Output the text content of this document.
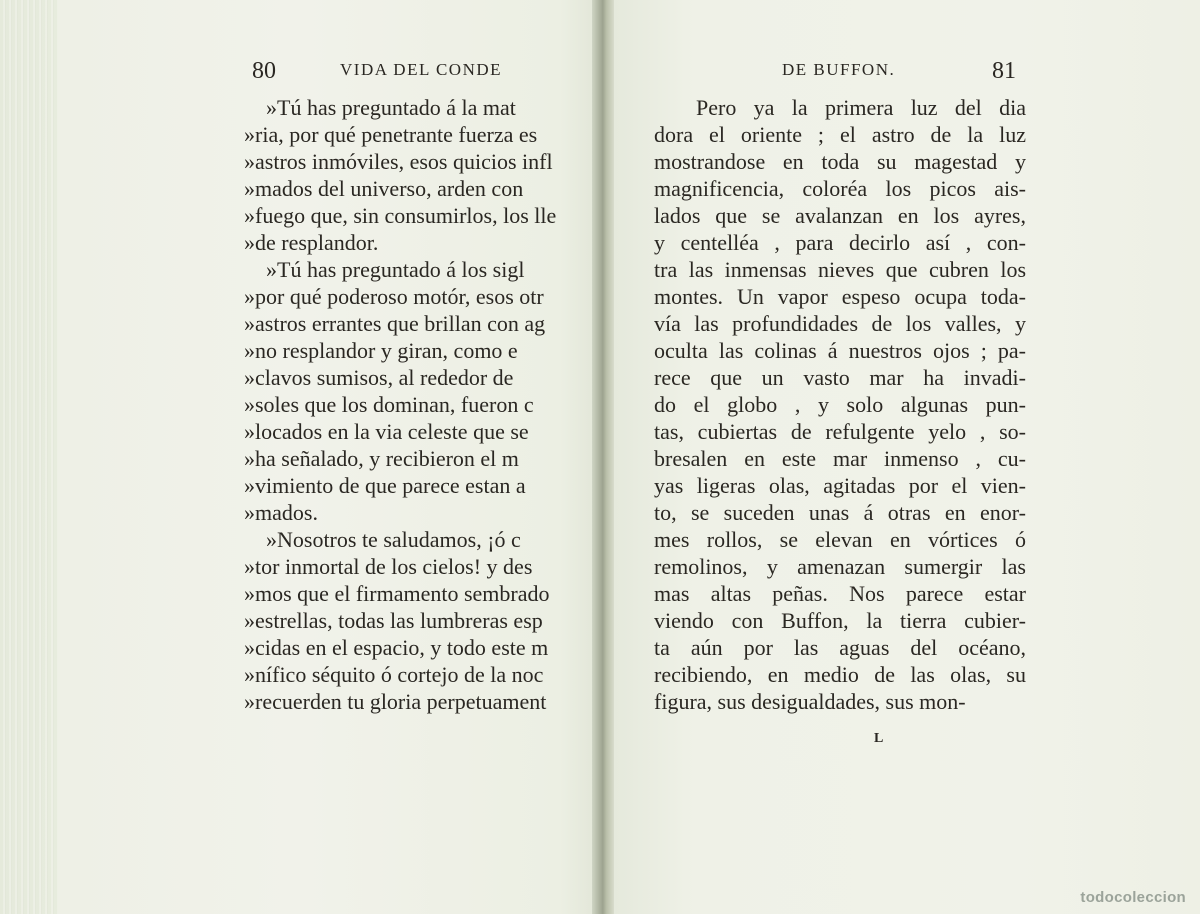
80	VIDA DEL CONDE
»Tú has preguntado á la mat
»ria, por qué penetrante fuerza es
»astros inmóviles, esos quicios infl
»mados del universo, arden con
»fuego que, sin consumirlos, los lle
»de resplandor.
»Tú has preguntado á los sigl
»por qué poderoso motór, esos otr
»astros errantes que brillan con ag
»no resplandor y giran, como e
»clavos sumisos, al rededor de
»soles que los dominan, fueron c
»locados en la via celeste que se
»ha señalado, y recibieron el m
»vimiento de que parece estan a
»mados.
»Nosotros te saludamos, ¡ó c
»tor inmortal de los cielos! y des
»mos que el firmamento sembrado
»estrellas, todas las lumbreras esp
»cidas en el espacio, y todo este m
»nífico séquito ó cortejo de la noc
»recuerden tu gloria perpetuament
DE BUFFON.	81
Pero ya la primera luz del dia
dora el oriente ; el astro de la luz
mostrandose en toda su magestad y
magnificencia, coloréa los picos ais-
lados que se avalanzan en los ayres,
y centelléa , para decirlo así , con-
tra las inmensas nieves que cubren los
montes. Un vapor espeso ocupa toda-
vía las profundidades de los valles, y
oculta las colinas á nuestros ojos ; pa-
rece que un vasto mar ha invadi-
do el globo , y solo algunas pun-
tas, cubiertas de refulgente yelo , so-
bresalen en este mar inmenso , cu-
yas ligeras olas, agitadas por el vien-
to, se suceden unas á otras en enor-
mes rollos, se elevan en vórtices ó
remolinos, y amenazan sumergir las
mas altas peñas. Nos parece estar
viendo con Buffon, la tierra cubier-
ta aún por las aguas del océano,
recibiendo, en medio de las olas, su
figura, sus desigualdades, sus mon-
L
todocoleccion
